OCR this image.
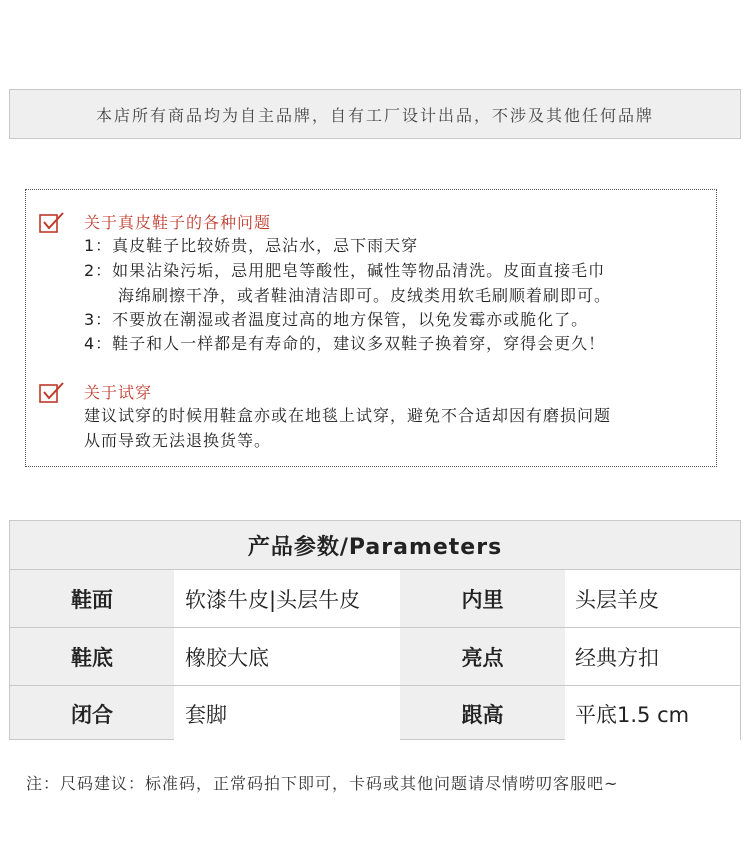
本店所有商品均为自主品牌，自有工厂设计出品，不涉及其他任何品牌
关于真皮鞋子的各种问题
1：真皮鞋子比较娇贵，忌沾水，忌下雨天穿
2：如果沾染污垢，忌用肥皂等酸性，碱性等物品清洗。皮面直接毛巾
海绵刷擦干净，或者鞋油清洁即可。皮绒类用软毛刷顺着刷即可。
3：不要放在潮湿或者温度过高的地方保管，以免发霉亦或脆化了。
4：鞋子和人一样都是有寿命的，建议多双鞋子换着穿，穿得会更久！
关于试穿
建议试穿的时候用鞋盒亦或在地毯上试穿，避免不合适却因有磨损问题
从而导致无法退换货等。
产品参数/Parameters
鞋面	软漆牛皮|头层牛皮	内里	头层羊皮
鞋底	橡胶大底	亮点	经典方扣
闭合	套脚	跟高	平底1.5 cm
注：尺码建议：标准码，正常码拍下即可，卡码或其他问题请尽情唠叨客服吧~
